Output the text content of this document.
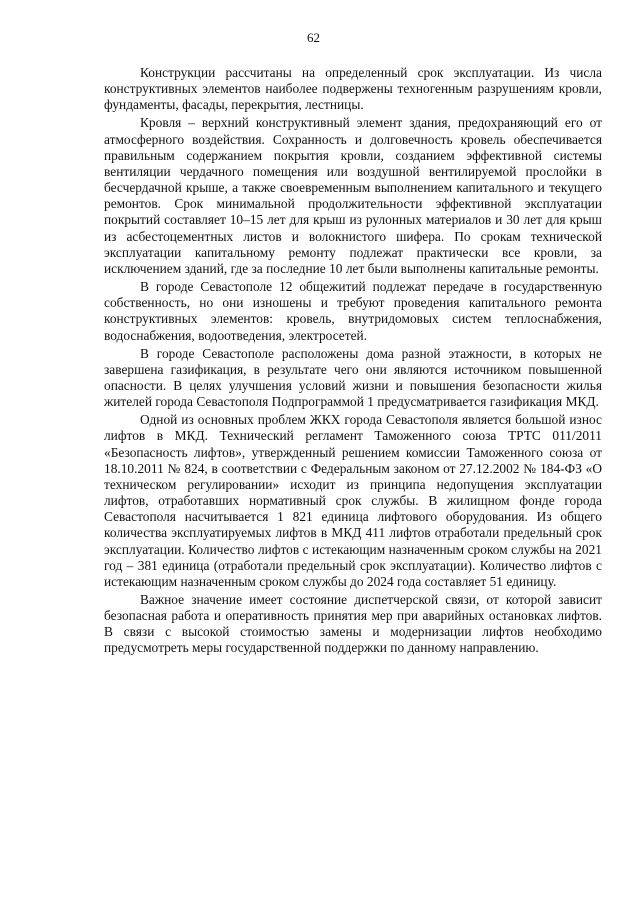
62

Конструкции рассчитаны на определенный срок эксплуатации. Из числа конструктивных элементов наиболее подвержены техногенным разрушениям кровли, фундаменты, фасады, перекрытия, лестницы.

Кровля – верхний конструктивный элемент здания, предохраняющий его от атмосферного воздействия. Сохранность и долговечность кровель обеспечивается правильным содержанием покрытия кровли, созданием эффективной системы вентиляции чердачного помещения или воздушной вентилируемой прослойки в бесчердачной крыше, а также своевременным выполнением капитального и текущего ремонтов. Срок минимальной продолжительности эффективной эксплуатации покрытий составляет 10–15 лет для крыш из рулонных материалов и 30 лет для крыш из асбестоцементных листов и волокнистого шифера. По срокам технической эксплуатации капитальному ремонту подлежат практически все кровли, за исключением зданий, где за последние 10 лет были выполнены капитальные ремонты.

В городе Севастополе 12 общежитий подлежат передаче в государственную собственность, но они изношены и требуют проведения капитального ремонта конструктивных элементов: кровель, внутридомовых систем теплоснабжения, водоснабжения, водоотведения, электросетей.

В городе Севастополе расположены дома разной этажности, в которых не завершена газификация, в результате чего они являются источником повышенной опасности. В целях улучшения условий жизни и повышения безопасности жилья жителей города Севастополя Подпрограммой 1 предусматривается газификация МКД.

Одной из основных проблем ЖКХ города Севастополя является большой износ лифтов в МКД. Технический регламент Таможенного союза ТРТС 011/2011 «Безопасность лифтов», утвержденный решением комиссии Таможенного союза от 18.10.2011 № 824, в соответствии с Федеральным законом от 27.12.2002 № 184-ФЗ «О техническом регулировании» исходит из принципа недопущения эксплуатации лифтов, отработавших нормативный срок службы. В жилищном фонде города Севастополя насчитывается 1 821 единица лифтового оборудования. Из общего количества эксплуатируемых лифтов в МКД 411 лифтов отработали предельный срок эксплуатации. Количество лифтов с истекающим назначенным сроком службы на 2021 год – 381 единица (отработали предельный срок эксплуатации). Количество лифтов с истекающим назначенным сроком службы до 2024 года составляет 51 единицу.

Важное значение имеет состояние диспетчерской связи, от которой зависит безопасная работа и оперативность принятия мер при аварийных остановках лифтов. В связи с высокой стоимостью замены и модернизации лифтов необходимо предусмотреть меры государственной поддержки по данному направлению.
